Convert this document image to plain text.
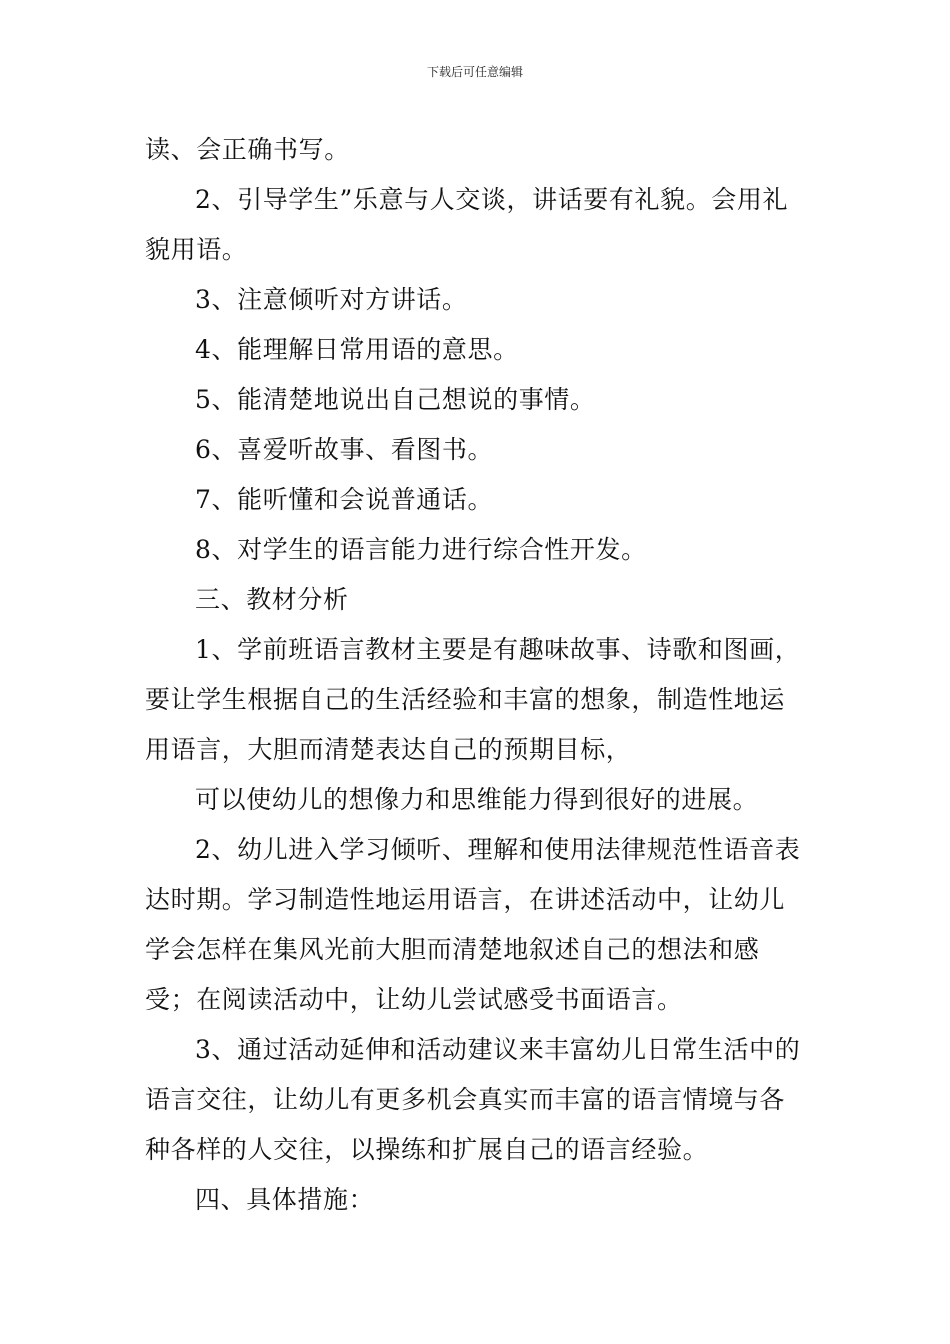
下载后可任意编辑

读、会正确书写。

2、引导学生”乐意与人交谈，讲话要有礼貌。会用礼貌用语。

3、注意倾听对方讲话。

4、能理解日常用语的意思。

5、能清楚地说出自己想说的事情。

6、喜爱听故事、看图书。

7、能听懂和会说普通话。

8、对学生的语言能力进行综合性开发。

三、教材分析

1、学前班语言教材主要是有趣味故事、诗歌和图画，要让学生根据自己的生活经验和丰富的想象，制造性地运用语言，大胆而清楚表达自己的预期目标，

可以使幼儿的想像力和思维能力得到很好的进展。

2、幼儿进入学习倾听、理解和使用法律规范性语音表达时期。学习制造性地运用语言，在讲述活动中，让幼儿学会怎样在集风光前大胆而清楚地叙述自己的想法和感受；在阅读活动中，让幼儿尝试感受书面语言。

3、通过活动延伸和活动建议来丰富幼儿日常生活中的语言交往，让幼儿有更多机会真实而丰富的语言情境与各种各样的人交往，以操练和扩展自己的语言经验。

四、具体措施：
